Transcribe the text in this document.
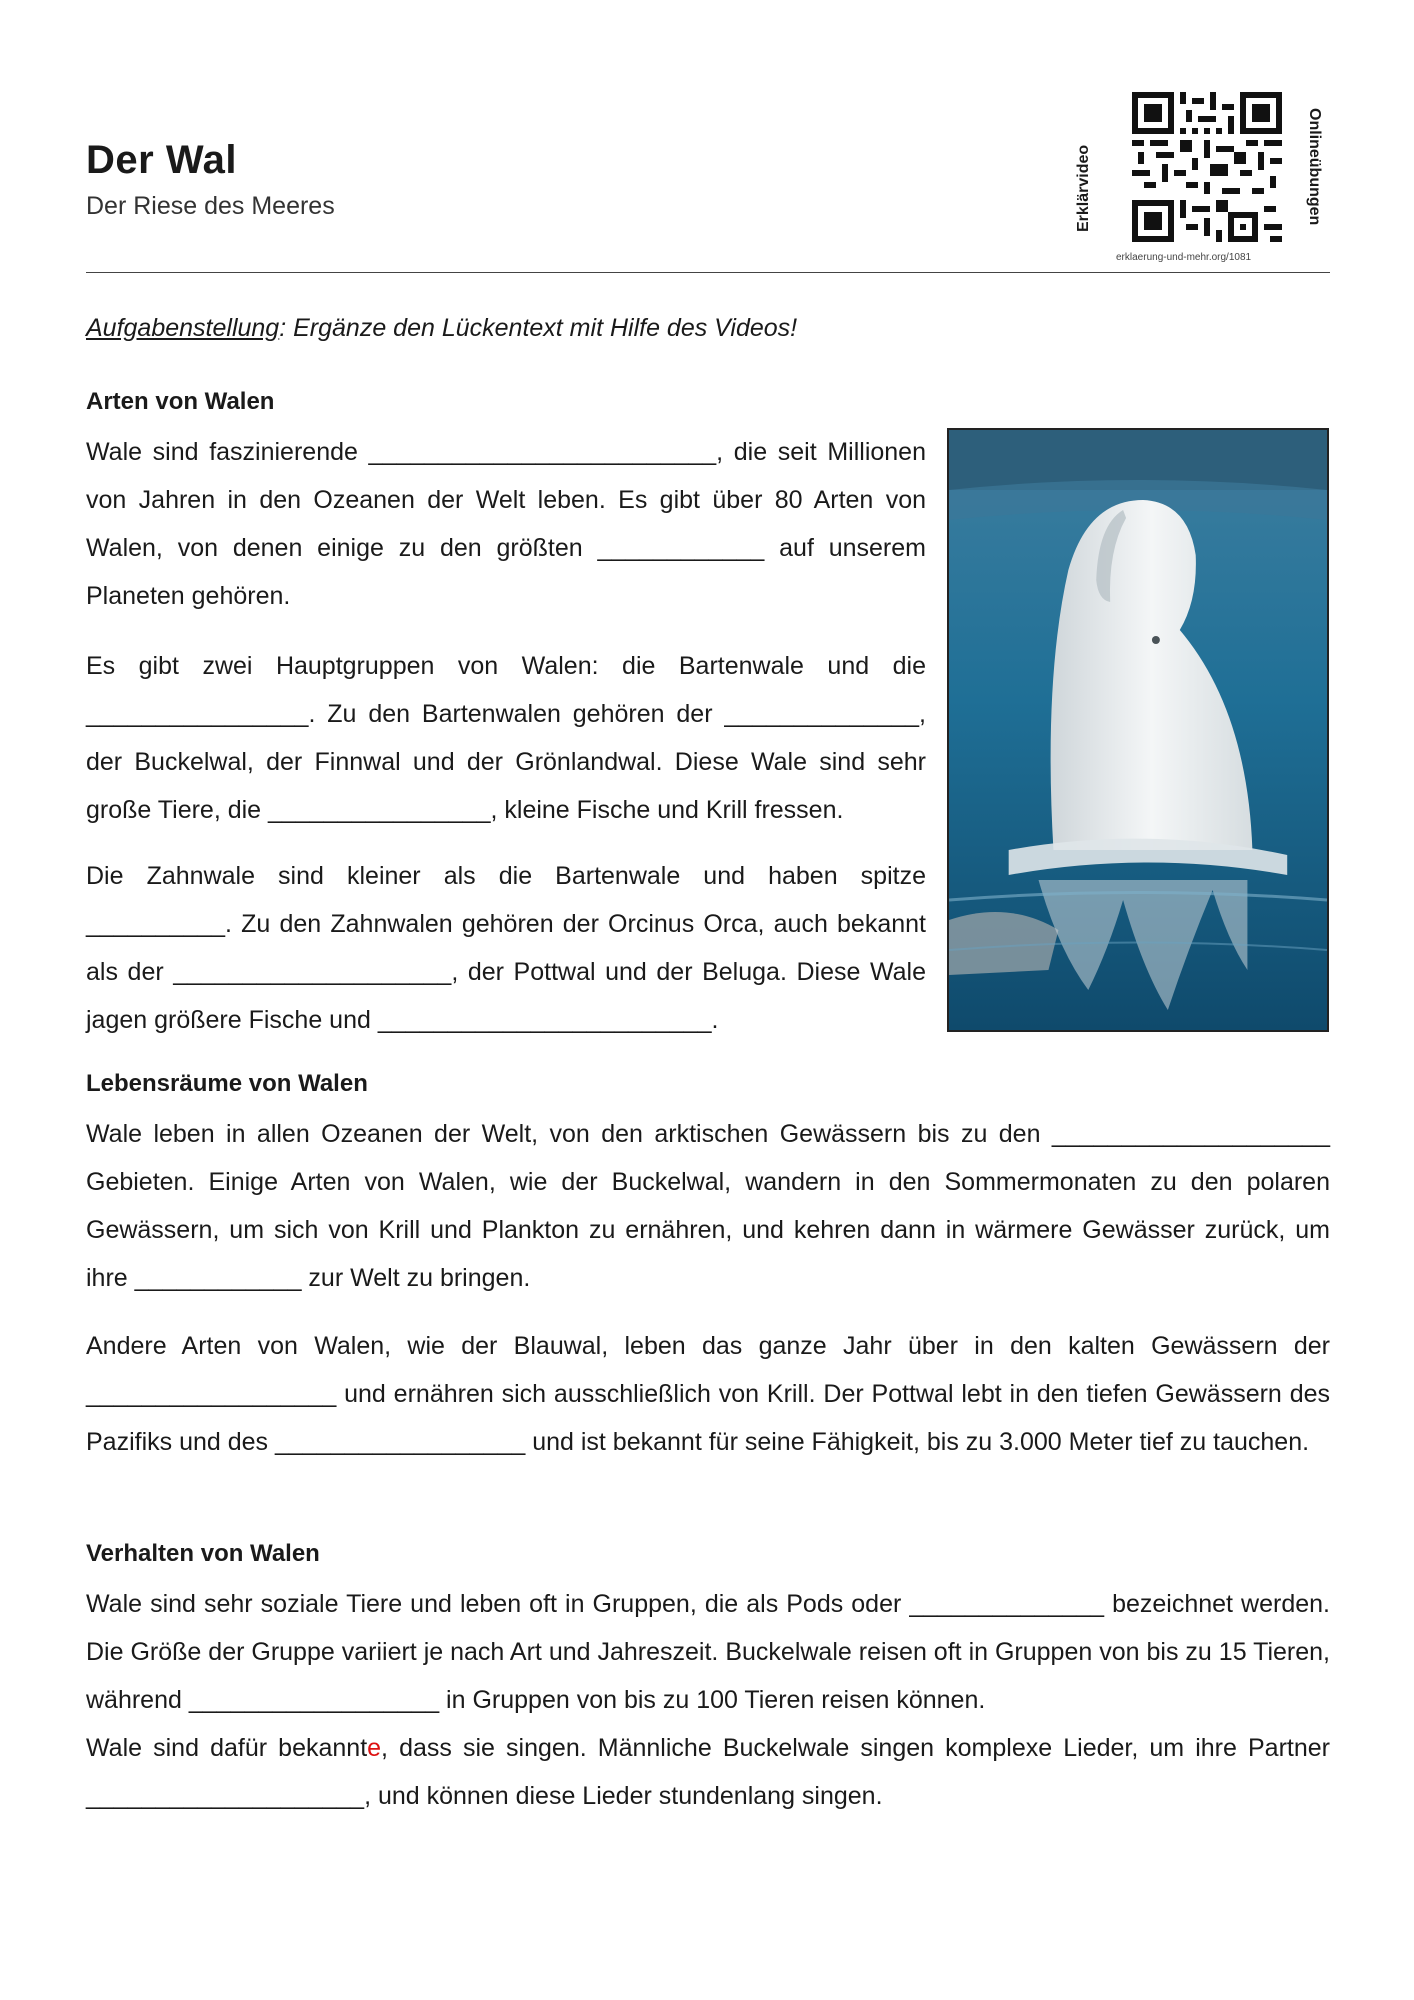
Der Wal
Der Riese des Meeres	Erklärvideo	Onlineübungen
erklaerung-und-mehr.org/1081
Aufgabenstellung: Ergänze den Lückentext mit Hilfe des Videos!
Arten von Walen

Wale sind faszinierende _________________________, die seit Millionen von Jahren in den Ozeanen der Welt leben. Es gibt über 80 Arten von Walen, von denen einige zu den größten ____________ auf unserem Planeten gehören.

Es gibt zwei Hauptgruppen von Walen: die Bartenwale und die ________________. Zu den Bartenwalen gehören der ______________, der Buckelwal, der Finnwal und der Grönlandwal. Diese Wale sind sehr große Tiere, die ________________, kleine Fische und Krill fressen.

Die Zahnwale sind kleiner als die Bartenwale und haben spitze __________. Zu den Zahnwalen gehören der Orcinus Orca, auch bekannt als der ____________________, der Pottwal und der Beluga. Diese Wale jagen größere Fische und ________________________.

Lebensräume von Walen

Wale leben in allen Ozeanen der Welt, von den arktischen Gewässern bis zu den ____________________ Gebieten. Einige Arten von Walen, wie der Buckelwal, wandern in den Sommermonaten zu den polaren Gewässern, um sich von Krill und Plankton zu ernähren, und kehren dann in wärmere Gewässer zurück, um ihre ____________ zur Welt zu bringen.

Andere Arten von Walen, wie der Blauwal, leben das ganze Jahr über in den kalten Gewässern der __________________ und ernähren sich ausschließlich von Krill. Der Pottwal lebt in den tiefen Gewässern des Pazifiks und des __________________ und ist bekannt für seine Fähigkeit, bis zu 3.000 Meter tief zu tauchen.

Verhalten von Walen

Wale sind sehr soziale Tiere und leben oft in Gruppen, die als Pods oder ______________ bezeichnet werden. Die Größe der Gruppe variiert je nach Art und Jahreszeit. Buckelwale reisen oft in Gruppen von bis zu 15 Tieren, während __________________ in Gruppen von bis zu 100 Tieren reisen können.

Wale sind dafür bekannte, dass sie singen. Männliche Buckelwale singen komplexe Lieder, um ihre Partner ____________________, und können diese Lieder stundenlang singen.
